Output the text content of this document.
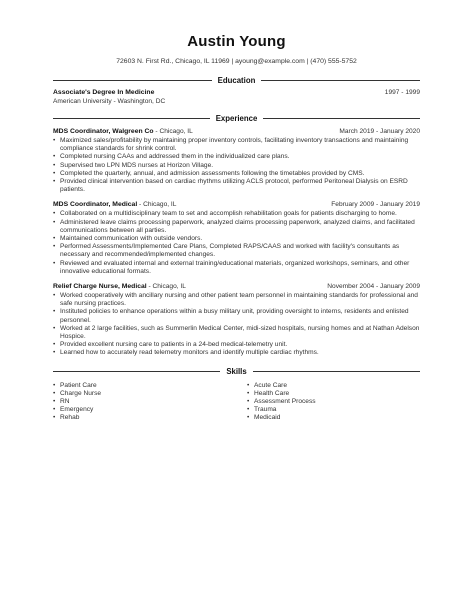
Austin Young
72603 N. First Rd., Chicago, IL 11969 | ayoung@example.com | (470) 555-5752
Education
Associate's Degree In Medicine	1997 - 1999
American University - Washington, DC
Experience
MDS Coordinator, Walgreen Co - Chicago, IL	March 2019 - January 2020
• Maximized sales/profitability by maintaining proper inventory controls, facilitating inventory transactions and maintaining compliance standards for shrink control.
• Completed nursing CAAs and addressed them in the individualized care plans.
• Supervised two LPN MDS nurses at Horizon Village.
• Completed the quarterly, annual, and admission assessments following the timetables provided by CMS.
• Provided clinical intervention based on cardiac rhythms utilizing ACLS protocol, performed Peritoneal Dialysis on ESRD patients.
MDS Coordinator, Medical - Chicago, IL	February 2009 - January 2019
• Collaborated on a multidisciplinary team to set and accomplish rehabilitation goals for patients discharging to home.
• Administered leave claims processing paperwork, analyzed claims processing paperwork, analyzed claims, and facilitated communications between all parties.
• Maintained communication with outside vendors.
• Performed Assessments/Implemented Care Plans, Completed RAPS/CAAS and worked with facility's consultants as necessary and recommended/implemented changes.
• Reviewed and evaluated internal and external training/educational materials, organized workshops, seminars, and other innovative educational formats.
Relief Charge Nurse, Medical - Chicago, IL	November 2004 - January 2009
• Worked cooperatively with ancillary nursing and other patient team personnel in maintaining standards for professional and safe nursing practices.
• Instituted policies to enhance operations within a busy military unit, providing oversight to interns, residents and enlisted personnel.
• Worked at 2 large facilities, such as Summerlin Medical Center, midi-sized hospitals, nursing homes and at Nathan Adelson Hospice.
• Provided excellent nursing care to patients in a 24-bed medical-telemetry unit.
• Learned how to accurately read telemetry monitors and identify multiple cardiac rhythms.
Skills
• Patient Care
• Charge Nurse
• RN
• Emergency
• Rehab
• Acute Care
• Health Care
• Assessment Process
• Trauma
• Medicaid
